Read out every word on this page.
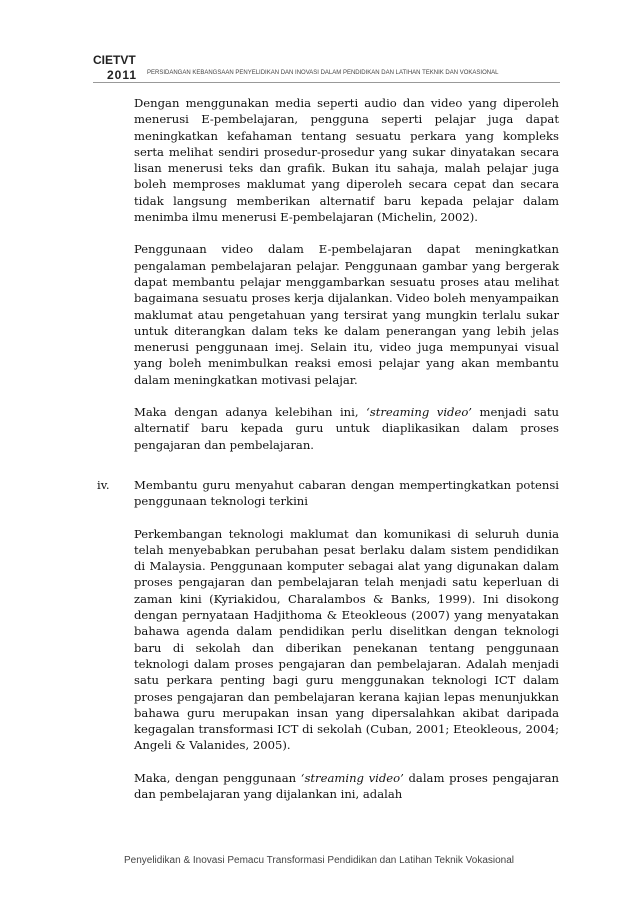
CIETVT
2011 PERSIDANGAN KEBANGSAAN PENYELIDIKAN DAN INOVASI DALAM PENDIDIKAN DAN LATIHAN TEKNIK DAN VOKASIONAL

Dengan menggunakan media seperti audio dan video yang diperoleh menerusi E-pembelajaran, pengguna seperti pelajar juga dapat meningkatkan kefahaman tentang sesuatu perkara yang kompleks serta melihat sendiri prosedur-prosedur yang sukar dinyatakan secara lisan menerusi teks dan grafik. Bukan itu sahaja, malah pelajar juga boleh memproses maklumat yang diperoleh secara cepat dan secara tidak langsung memberikan alternatif baru kepada pelajar dalam menimba ilmu menerusi E-pembelajaran (Michelin, 2002).

Penggunaan video dalam E-pembelajaran dapat meningkatkan pengalaman pembelajaran pelajar. Penggunaan gambar yang bergerak dapat membantu pelajar menggambarkan sesuatu proses atau melihat bagaimana sesuatu proses kerja dijalankan. Video boleh menyampaikan maklumat atau pengetahuan yang tersirat yang mungkin terlalu sukar untuk diterangkan dalam teks ke dalam penerangan yang lebih jelas menerusi penggunaan imej. Selain itu, video juga mempunyai visual yang boleh menimbulkan reaksi emosi pelajar yang akan membantu dalam meningkatkan motivasi pelajar.

Maka dengan adanya kelebihan ini, ‘streaming video’ menjadi satu alternatif baru kepada guru untuk diaplikasikan dalam proses pengajaran dan pembelajaran.

iv. Membantu guru menyahut cabaran dengan mempertingkatkan potensi penggunaan teknologi terkini

Perkembangan teknologi maklumat dan komunikasi di seluruh dunia telah menyebabkan perubahan pesat berlaku dalam sistem pendidikan di Malaysia. Penggunaan komputer sebagai alat yang digunakan dalam proses pengajaran dan pembelajaran telah menjadi satu keperluan di zaman kini (Kyriakidou, Charalambos & Banks, 1999). Ini disokong dengan pernyataan Hadjithoma & Eteokleous (2007) yang menyatakan bahawa agenda dalam pendidikan perlu diselitkan dengan teknologi baru di sekolah dan diberikan penekanan tentang penggunaan teknologi dalam proses pengajaran dan pembelajaran. Adalah menjadi satu perkara penting bagi guru menggunakan teknologi ICT dalam proses pengajaran dan pembelajaran kerana kajian lepas menunjukkan bahawa guru merupakan insan yang dipersalahkan akibat daripada kegagalan transformasi ICT di sekolah (Cuban, 2001; Eteokleous, 2004; Angeli & Valanides, 2005).

Maka, dengan penggunaan ‘streaming video’ dalam proses pengajaran dan pembelajaran yang dijalankan ini, adalah

Penyelidikan & Inovasi Pemacu Transformasi Pendidikan dan Latihan Teknik Vokasional
